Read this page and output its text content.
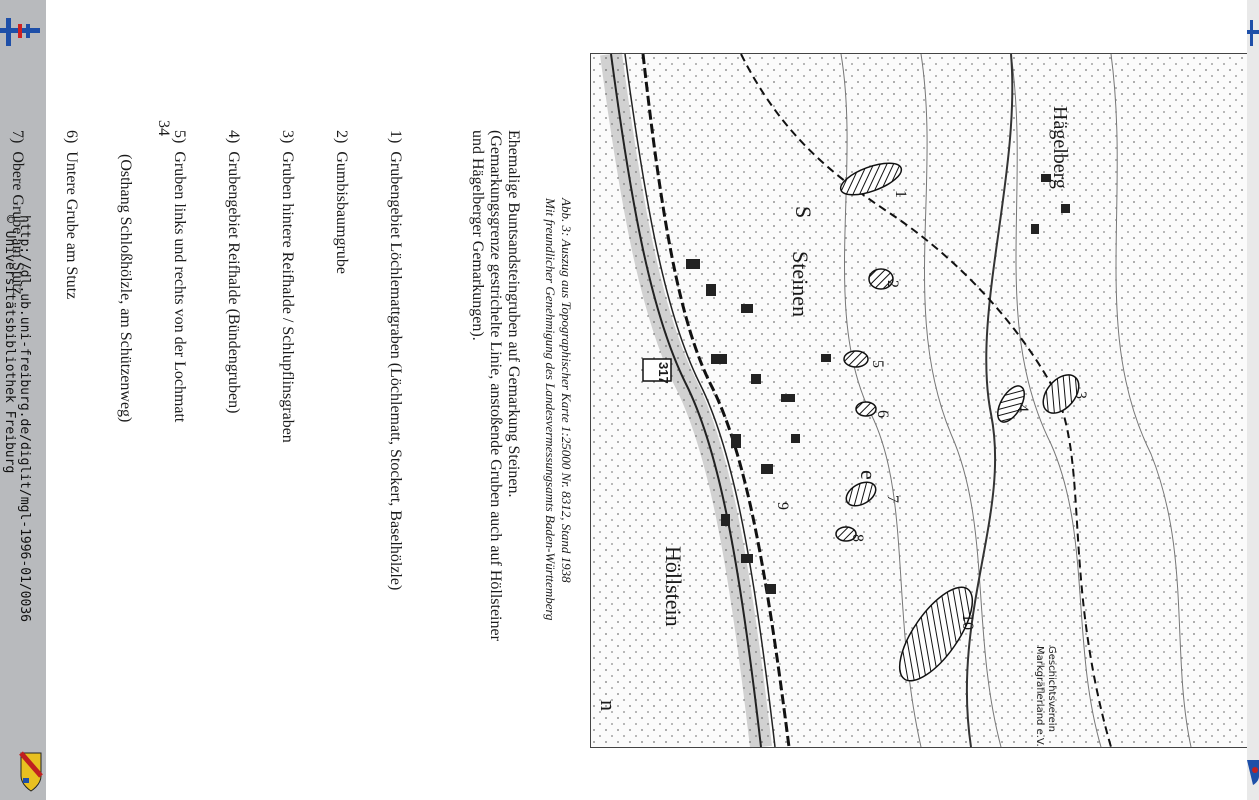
http://dl.ub.uni-freiburg.de/diglit/mgl-1996-01/0036
© Universitätsbibliothek Freiburg
Hägelberg
Steinen
Höllstein
317
S
e
n
1
2
3
4
5
6
7
8
9
10
Abb. 3: Auszug aus Topographischer Karte 1:25000 Nr. 8312, Stand 1938
Mit freundlicher Genehmigung des Landesvermessungsamts Baden-Württemberg
Ehemalige Buntsandsteingruben auf Gemarkung Steinen.
(Gemarkungsgrenze gestrichelte Linie, anstoßende Gruben auch auf Höllsteiner
und Hägelberger Gemarkungen).

1)  Grubengebiet Löchlemattgraben (Löchlematt, Stockert, Baselhölzle)

2)  Gumbisbaumgrube

3)  Gruben hintere Reifhalde / Schlupflinsgraben

4)  Grubengebiet Reifhalde (Bündengruben)

5)  Gruben links und rechts von der Lochmatt

(Osthang Schloßhölzle, am Schützenweg)

6)  Untere Grube am Stutz

7)  Obere Grube am Stutz

34
Geschichtsverein
Markgräflerland e.V.
